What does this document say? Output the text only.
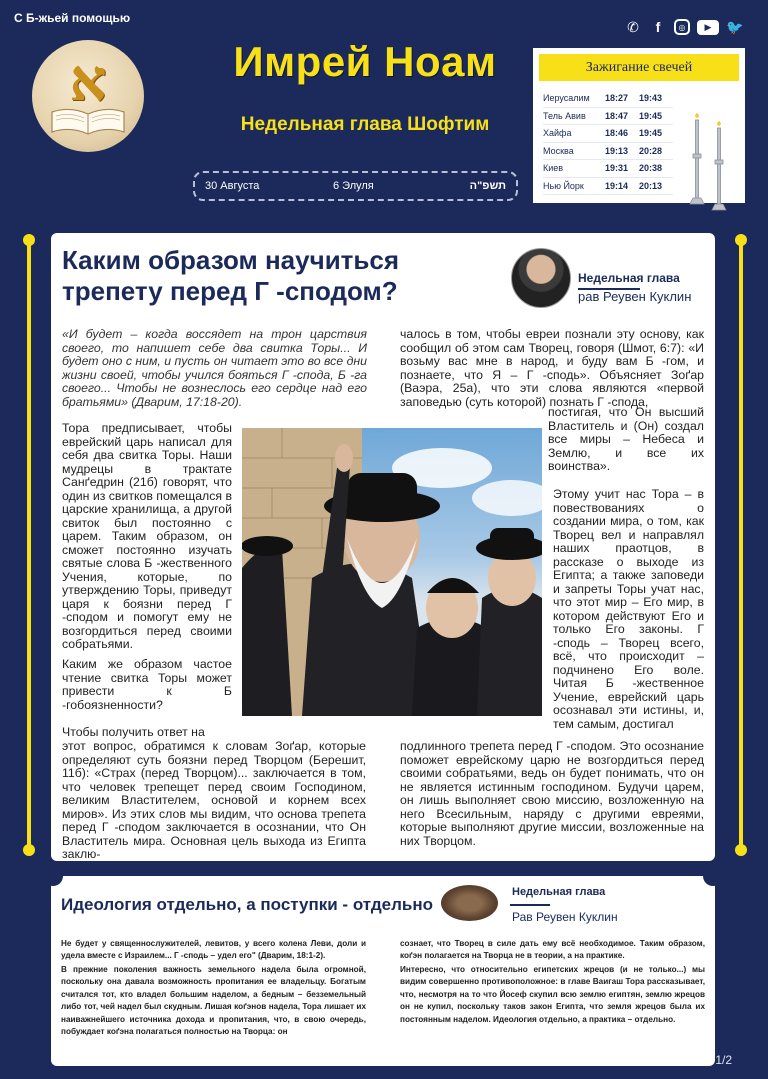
С Б-жьей помощью
✆	f	◎	▶	🐦
א	Имрей Ноам
Недельная глава Шофтим
30 Августа	6 Элуля	תשפ"ה
Зажигание свечей
Иерусалим	18:27	19:43
Тель Авив	18:47	19:45
Хайфа	18:46	19:45
Москва	19:13	20:28
Киев	19:31	20:38
Нью Йорк	19:14	20:13
Каким образом научиться трепету перед Г -сподом?	Недельная глава
рав Реувен Куклин
«И будет – когда воссядет на трон царствия своего, то напишет себе два свитка Торы... И будет оно с ним, и пусть он читает это во все дни жизни своей, чтобы учился бояться Г -спода, Б -га своего... Чтобы не вознеслось его сердце над его братьями» (Дварим, 17:18-20).
Тора предписывает, чтобы еврейский царь написал для себя два свитка Торы. Наши мудрецы в трактате Санґедрин (21б) говорят, что один из свитков помещался в царские хранилища, а другой свиток был постоянно с царем. Таким образом, он сможет постоянно изучать святые слова Б -жественного Учения, которые, по утверждению Торы, приведут царя к боязни перед Г -сподом и помогут ему не возгордиться перед своими собратьями.
Каким же образом частое чтение свитка Торы может привести к Б -гобоязненности?
Чтобы получить ответ на
этот вопрос, обратимся к словам Зоґар, которые определяют суть боязни перед Творцом (Берешит, 11б): «Страх (перед Творцом)... заключается в том, что человек трепещет перед своим Господином, великим Властителем, основой и корнем всех миров». Из этих слов мы видим, что основа трепета перед Г -сподом заключается в осознании, что Он Властитель мира. Основная цель выхода из Египта заклю-
чалось в том, чтобы евреи познали эту основу, как сообщил об этом сам Творец, говоря (Шмот, 6:7): «И возьму вас мне в народ, и буду вам Б -гом, и познаете, что Я – Г -сподь». Объясняет Зоґар (Ваэра, 25а), что эти слова являются «первой заповедью (суть которой) познать Г -спода,
постигая, что Он высший Властитель и (Он) создал все миры – Небеса и Землю, и все их воинства».
Этому учит нас Тора – в повествованиях о создании мира, о том, как Творец вел и направлял наших праотцов, в рассказе о выходе из Египта; а также заповеди и запреты Торы учат нас, что этот мир – Его мир, в котором действуют Его и только Его законы. Г -сподь – Творец всего, всё, что происходит – подчинено Его воле. Читая Б -жественное Учение, еврейский царь осознавал эти истины, и, тем самым, достигал
подлинного трепета перед Г -сподом. Это осознание поможет еврейскому царю не возгордиться перед своими собратьями, ведь он будет понимать, что он не является истинным господином. Будучи царем, он лишь выполняет свою миссию, возложенную на него Всесильным, наряду с другими евреями, которые выполняют другие миссии, возложенные на них Творцом.
Идеология отдельно, а поступки - отдельно
Недельная глава
Рав Реувен Куклин
Не будет у священнослужителей, левитов, у всего колена Леви, доли и удела вместе с Израилем... Г -сподь – удел его" (Дварим, 18:1-2).
В прежние поколения важность земельного надела была огромной, поскольку она давала возможность пропитания ее владельцу. Богатым считался тот, кто владел большим наделом, а бедным – безземельный либо тот, чей надел был скудным. Лишая коґэнов надела, Тора лишает их наиважнейшего источника дохода и пропитания, что, в свою очередь, побуждает коґэна полагаться полностью на Творца: он
сознает, что Творец в силе дать ему всё необходимое. Таким образом, коґэн полагается на Творца не в теории, а на практике.
Интересно, что относительно египетских жрецов (и не только...) мы видим совершенно противоположное: в главе Ваигаш Тора рассказывает, что, несмотря на то что Йосеф скупил всю землю египтян, землю жрецов он не купил, поскольку таков закон Египта, что земля жрецов была их постоянным наделом. Идеология отдельно, а практика – отдельно.
1/2
